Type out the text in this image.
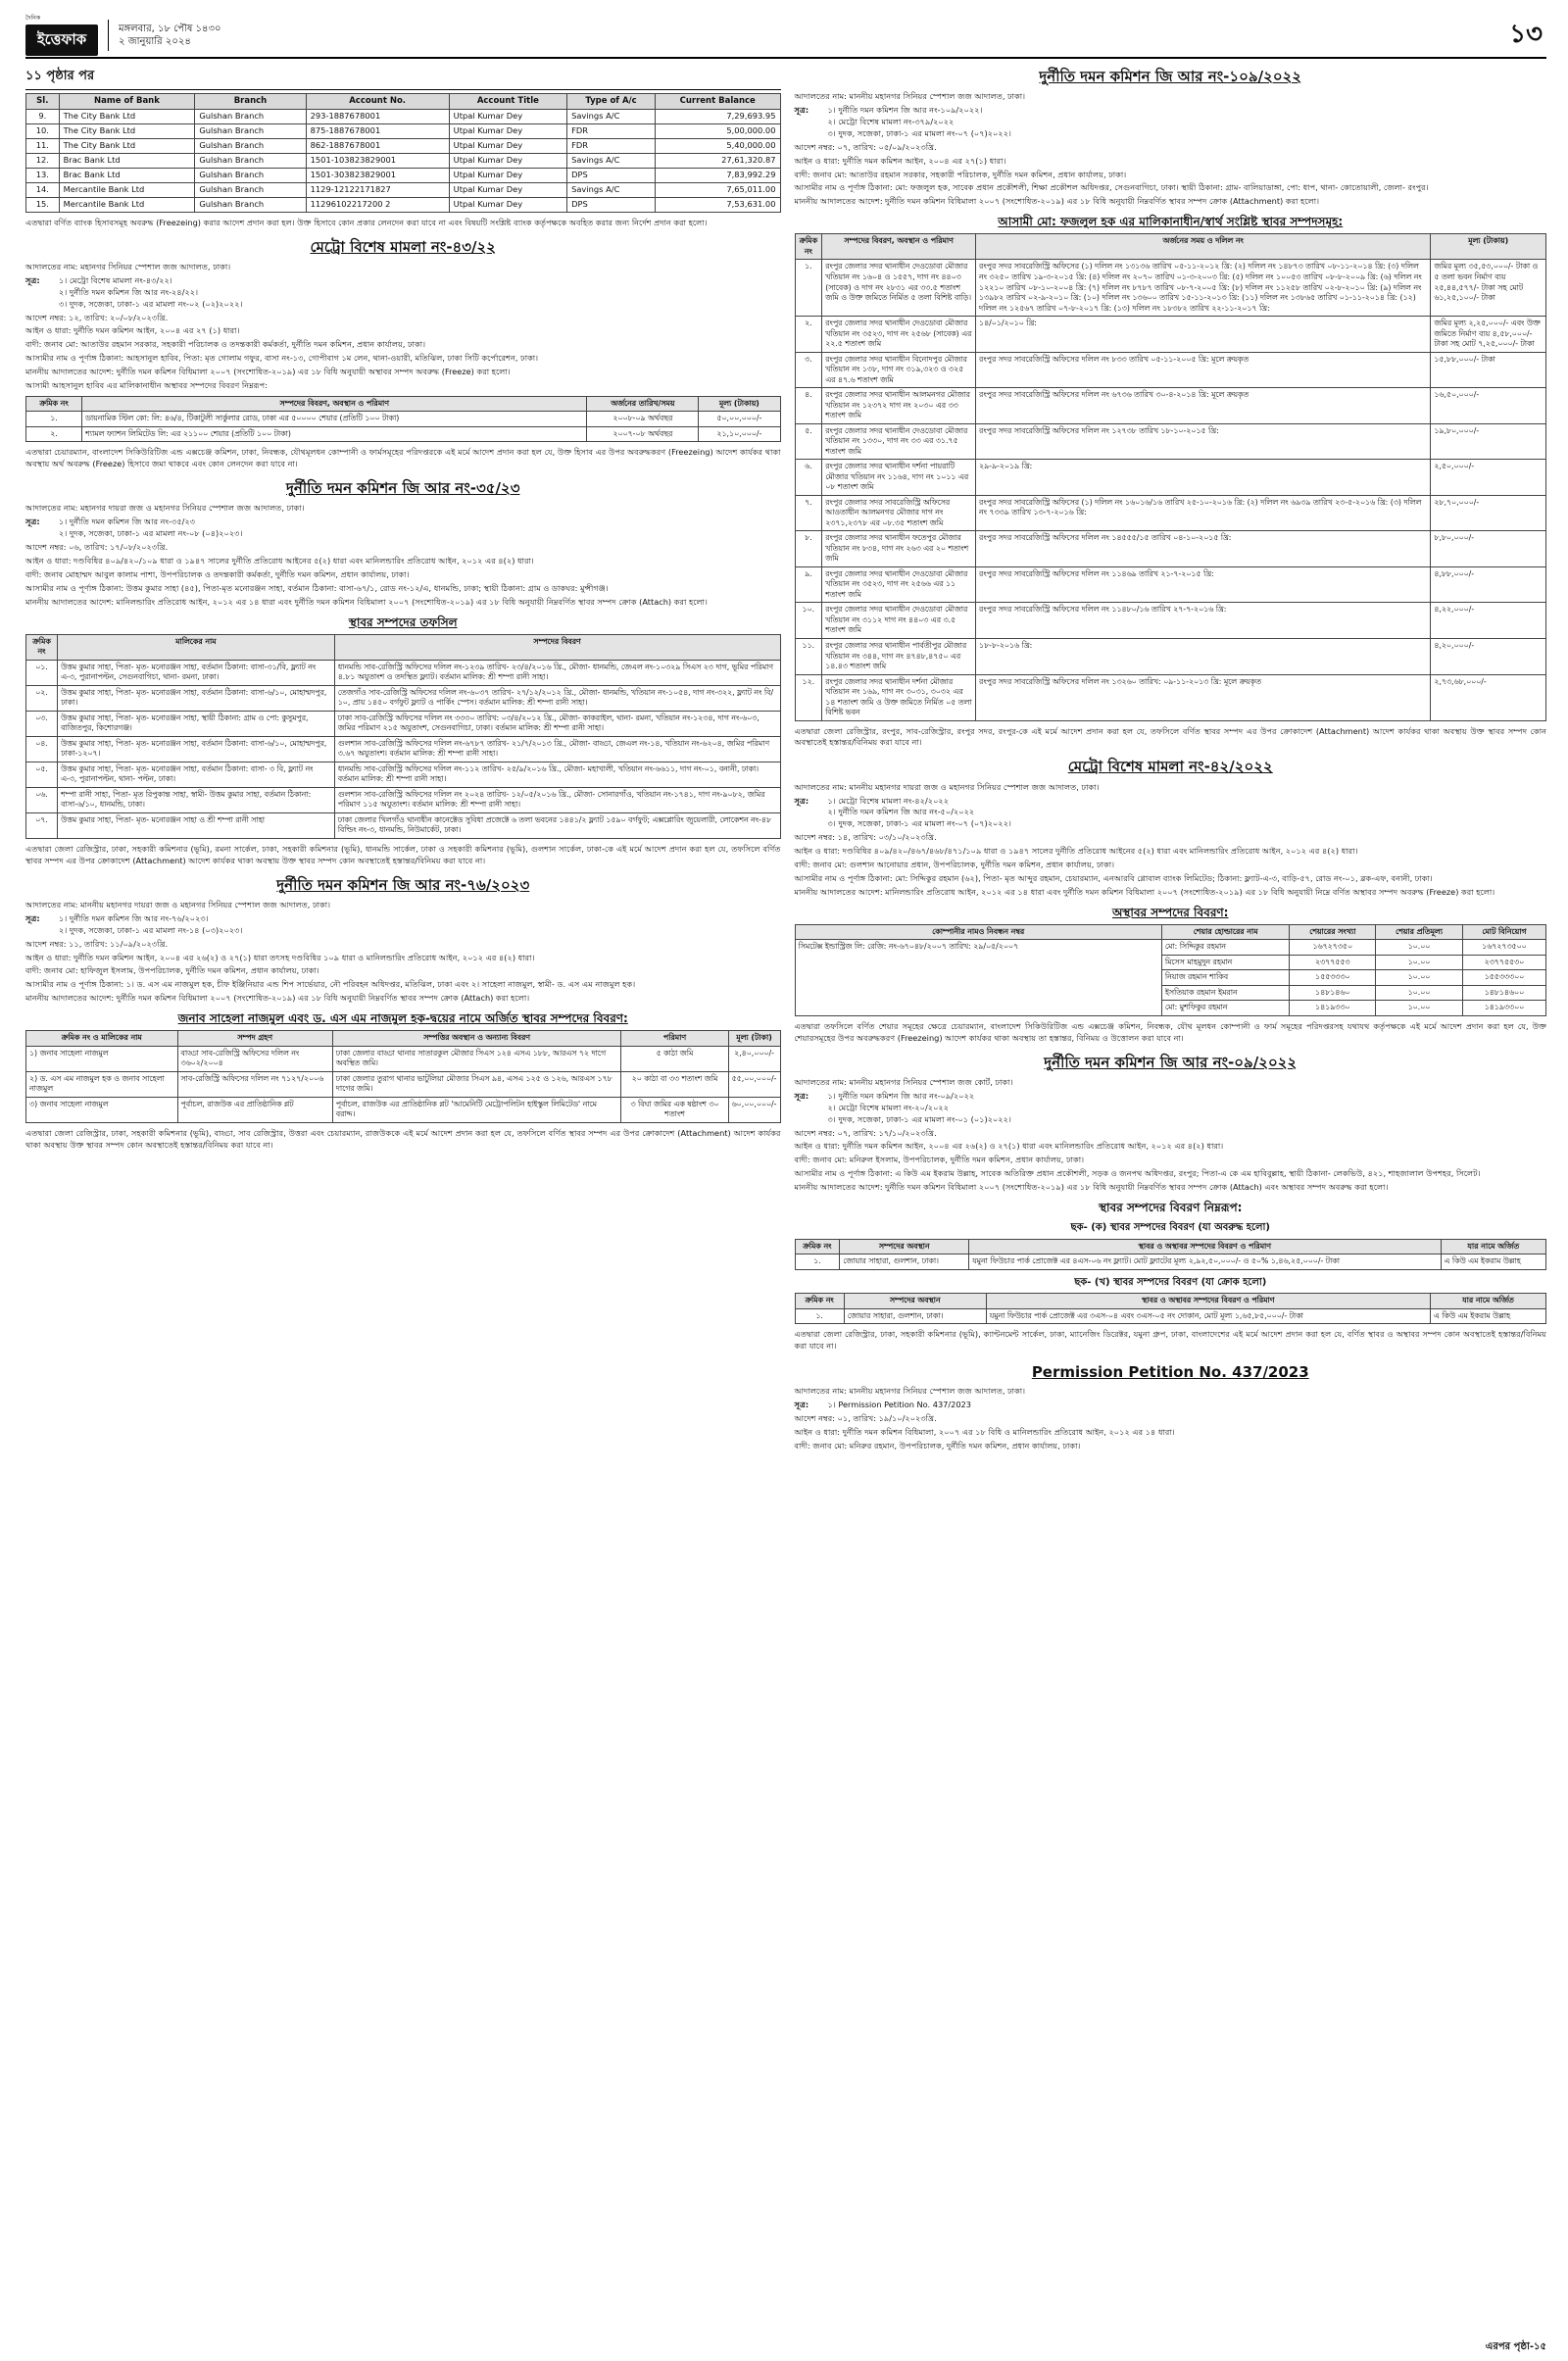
দৈনিক
ইত্তেফাক
মঙ্গলবার, ১৮ পৌষ ১৪৩০
২ জানুয়ারি ২০২৪	১৩
১১ পৃষ্ঠার পর
Sl.	Name of Bank	Branch	Account No.	Account Title	Type of A/c	Current Balance
9.	The City Bank Ltd	Gulshan Branch	293-1887678001	Utpal Kumar Dey	Savings A/C	7,29,693.95
10.	The City Bank Ltd	Gulshan Branch	875-1887678001	Utpal Kumar Dey	FDR	5,00,000.00
11.	The City Bank Ltd	Gulshan Branch	862-1887678001	Utpal Kumar Dey	FDR	5,40,000.00
12.	Brac Bank Ltd	Gulshan Branch	1501-103823829001	Utpal Kumar Dey	Savings A/C	27,61,320.87
13.	Brac Bank Ltd	Gulshan Branch	1501-303823829001	Utpal Kumar Dey	DPS	7,83,992.29
14.	Mercantile Bank Ltd	Gulshan Branch	1129-12122171827	Utpal Kumar Dey	Savings A/C	7,65,011.00
15.	Mercantile Bank Ltd	Gulshan Branch	11296102217200 2	Utpal Kumar Dey	DPS	7,53,631.00
এতদ্বারা বর্ণিত ব্যাংক হিসাবসমূহ অবরুদ্ধ (Freezeing) করার আদেশ প্রদান করা হল। উক্ত হিসাবে কোন প্রকার লেনদেন করা যাবে না এবং বিষয়টি সংশ্লিষ্ট ব্যাংক কর্তৃপক্ষকে অবহিত করার জন্য নির্দেশ প্রদান করা হলো।
মেট্রো বিশেষ মামলা নং-৪৩/২২
আদালতের নাম: মহানগর সিনিয়র স্পেশাল জজ আদালত, ঢাকা।
সূত্র:	১। মেট্রো বিশেষ মামলা নং-৪৩/২২।
২। দুর্নীতি দমন কমিশন জি আর নং-২৪/২২।
৩। দুদক, সজেকা, ঢাকা-১ এর মামলা নং-০২ (০২)২০২২।
আদেশ নম্বর: ১২, তারিখ: ২০/০৮/২০২৩খ্রি.
আইন ও ধারা: দুর্নীতি দমন কমিশন আইন, ২০০৪ এর ২৭ (১) ধারা।
বাদী: জনাব মো: আতাউর রহমান সরকার, সহকারী পরিচালক ও তদন্তকারী কর্মকর্তা, দুর্নীতি দমন কমিশন, প্রধান কার্যালয়, ঢাকা।
আসামীর নাম ও পূর্ণাঙ্গ ঠিকানা: আহসানুল হাবিব, পিতা: মৃত গোলাম গফুর, বাসা নং-১৩, গোপীবাগ ১ম লেন, থানা-ওয়ারী, মতিঝিল, ঢাকা সিটি কর্পোরেশন, ঢাকা।
মাননীয় আদালতের আদেশ: দুর্নীতি দমন কমিশন বিধিমালা ২০০৭ (সংশোধিত-২০১৯) এর ১৮ বিধি অনুযায়ী অস্থাবর সম্পদ অবরুদ্ধ (Freeze) করা হলো।
আসামী আহসানুল হাবিব এর মালিকানাধীন অস্থাবর সম্পদের বিবরণ নিম্নরূপ:
ক্রমিক নং	সম্পদের বিবরণ, অবস্থান ও পরিমাণ	অর্জনের তারিখ/সময়	মূল্য (টাকায়)
১.	ডায়নামিক স্টিল কো: লি: ৪৬/৪, টিকাটুলী সার্কুলার রোড, ঢাকা এর ৫০০০০ শেয়ার (প্রতিটি ১০০ টাকা)	২০০৮-০৯ অর্থবছর	৫০,০০,০০০/-
২.	শ্যামল ফ্যাশন লিমিটেড লি: এর ২১১০০ শেয়ার (প্রতিটি ১০০ টাকা)	২০০৭-০৮ অর্থবছর	২১,১০,০০০/-
এতদ্বারা চেয়ারম্যান, বাংলাদেশ সিকিউরিটিজ এন্ড এক্সচেঞ্জ কমিশন, ঢাকা, নিবন্ধক, যৌথমূলধন কোম্পানী ও ফার্মসমূহের পরিদপ্তরকে এই মর্মে আদেশ প্রদান করা হল যে, উক্ত হিসাব এর উপর অবরুদ্ধকরণ (Freezeing) আদেশ কার্যকর থাকা অবস্থায় অর্থ অবরুদ্ধ (Freeze) হিসাবে জমা থাকবে এবং কোন লেনদেন করা যাবে না।
দুর্নীতি দমন কমিশন জি আর নং-৩৫/২৩
আদালতের নাম: মহানগর দায়রা জজ ও মহানগর সিনিয়র স্পেশাল জজ আদালত, ঢাকা।
সূত্র:	১। দুর্নীতি দমন কমিশন জি আর নং-৩৫/২৩
২। দুদক, সজেকা, ঢাকা-১ এর মামলা নং-০৮ (০৪)২০২৩।
আদেশ নম্বর: ০৬, তারিখ: ১৭/০৮/২০২৩খ্রি.
আইন ও ধারা: দণ্ডবিধির ৪০৯/৪২০/১০৯ ধারা ও ১৯৪৭ সালের দুর্নীতি প্রতিরোধ আইনের ৫(২) ধারা এবং মানিলন্ডারিং প্রতিরোধ আইন, ২০১২ এর ৪(২) ধারা।
বাদী: জনাব মোহাম্মদ আবুল কালাম পাশা, উপপরিচালক ও তদন্তকারী কর্মকর্তা, দুর্নীতি দমন কমিশন, প্রধান কার্যালয়, ঢাকা।
আসামীর নাম ও পূর্ণাঙ্গ ঠিকানা: উত্তম কুমার সাহা (৪৫), পিতা-মৃত মনোরঞ্জন সাহা, বর্তমান ঠিকানা: বাসা-৬৭/১, রোড নং-১২/এ, ধানমন্ডি, ঢাকা; স্থায়ী ঠিকানা: গ্রাম ও ডাকঘর: মুন্সীগঞ্জ।
মাননীয় আদালতের আদেশ: মানিলন্ডারিং প্রতিরোধ আইন, ২০১২ এর ১৪ ধারা এবং দুর্নীতি দমন কমিশন বিধিমালা ২০০৭ (সংশোধিত-২০১৯) এর ১৮ বিধি অনুযায়ী নিম্নবর্ণিত স্থাবর সম্পদ ক্রোক (Attach) করা হলো।
স্থাবর সম্পদের তফসিল
ক্রমিক নং	মালিকের নাম	সম্পদের বিবরণ
০১.	উত্তম কুমার সাহা, পিতা- মৃত- মনোরঞ্জন সাহা, বর্তমান ঠিকানা: বাসা-৩১/বি, ফ্ল্যাট নং এ-৩, পুরানাপল্টন, সেগুনবাগিচা, থানা- রমনা, ঢাকা।	ধানমন্ডি সাব-রেজিস্ট্রি অফিসের দলিল নং-১২৩৯ তারিখ- ২৩/৪/২০১৬ খ্রি., মৌজা- ধানমন্ডি, জেএল নং-১০৩২৯ সিএস ২৩ দাগ, ভূমির পরিমাণ ৪.৮১ অযুতাংশ ও তদস্থিত ফ্ল্যাট। বর্তমান মালিক: শ্রী শম্পা রানী সাহা।
০২.	উত্তম কুমার সাহা, পিতা- মৃত- মনোরঞ্জন সাহা, বর্তমান ঠিকানা: বাসা-৬/১০, মোহাম্মদপুর, ঢাকা।	তেজগাঁও সাব-রেজিস্ট্রি অফিসের দলিল নং-৬০৩৭ তারিখ- ২৭/১২/২০১২ খ্রি., মৌজা- ধানমন্ডি, খতিয়ান নং-১০৫৪, দাগ নং-৩২২, ফ্ল্যাট নং বি/১০, প্রায় ১৪৫০ বর্গফুট ফ্ল্যাট ও পার্কিং স্পেস। বর্তমান মালিক: শ্রী শম্পা রানী সাহা।
০৩.	উত্তম কুমার সাহা, পিতা- মৃত- মনোরঞ্জন সাহা, স্থায়ী ঠিকানা: গ্রাম ও পো: কুসুমপুর, বাজিতপুর, কিশোরগঞ্জ।	ঢাকা সাব-রেজিস্ট্রি অফিসের দলিল নং ৩৩৩০ তারিখ: ০৩/৪/২০১২ খ্রি., মৌজা- কাকরাইল, থানা- রমনা, খতিয়ান নং-১২৩৪, দাগ নং-৬০৩, জমির পরিমাণ ২১৫ অযুতাংশ, সেগুনবাগিচা, ঢাকা। বর্তমান মালিক: শ্রী শম্পা রানী সাহা।
০৪.	উত্তম কুমার সাহা, পিতা- মৃত- মনোরঞ্জন সাহা, বর্তমান ঠিকানা: বাসা-৬/১০, মোহাম্মদপুর, ঢাকা-১২০৭।	গুলশান সাব-রেজিস্ট্রি অফিসের দলিল নং-৬৭৮৭ তারিখ- ২১/৭/২০১৩ খ্রি., মৌজা- বাড্ডা, জেএল নং-১৪, খতিয়ান নং-৬২০৪, জমির পরিমাণ ৩.৬৭ অযুতাংশ। বর্তমান মালিক: শ্রী শম্পা রানী সাহা।
০৫.	উত্তম কুমার সাহা, পিতা- মৃত- মনোরঞ্জন সাহা, বর্তমান ঠিকানা: বাসা- ৩ বি, ফ্ল্যাট নং এ-৩, পুরানাপল্টন, থানা- পল্টন, ঢাকা।	ধানমন্ডি সাব-রেজিস্ট্রি অফিসের দলিল নং-১১২ তারিখ- ২৫/৯/২০১৬ খ্রি., মৌজা- মহাখালী, খতিয়ান নং-৬৬১১, দাগ নং-০১, বনানী, ঢাকা। বর্তমান মালিক: শ্রী শম্পা রানী সাহা।
০৬.	শম্পা রানী সাহা, পিতা- মৃত রিপুকান্ত সাহা, স্বামী- উত্তম কুমার সাহা, বর্তমান ঠিকানা: বাসা-৬/১০, ধানমন্ডি, ঢাকা।	গুলশান সাব-রেজিস্ট্রি অফিসের দলিল নং ২০২৪ তারিখ- ১২/০৫/২০১৬ খ্রি., মৌজা- সোনারগাঁও, খতিয়ান নং-১৭৪১, দাগ নং-৯০৮২, জমির পরিমাণ ১১৫ অযুতাংশ। বর্তমান মালিক: শ্রী শম্পা রানী সাহা।
০৭.	উত্তম কুমার সাহা, পিতা- মৃত- মনোরঞ্জন সাহা ও শ্রী শম্পা রানী সাহা	ঢাকা জেলার খিলগাঁও থানাধীন কানেক্টেড সুবিধা প্রজেক্টে ৬ তলা ভবনের ১৪৪১/২ ফ্ল্যাট ১৫৯০ বর্গফুট; এক্সপ্লোরিং জুয়েলারী, লোকেশন নং-৪৮ বিল্ডিং নং-৩, ধানমন্ডি, নিউমার্কেট, ঢাকা।
এতদ্বারা জেলা রেজিস্ট্রার, ঢাকা, সহকারী কমিশনার (ভূমি), রমনা সার্কেল, ঢাকা, সহকারী কমিশনার (ভূমি), ধানমন্ডি সার্কেল, ঢাকা ও সহকারী কমিশনার (ভূমি), গুলশান সার্কেল, ঢাকা-কে এই মর্মে আদেশ প্রদান করা হল যে, তফসিলে বর্ণিত স্থাবর সম্পদ এর উপর ক্রোকাদেশ (Attachment) আদেশ কার্যকর থাকা অবস্থায় উক্ত স্থাবর সম্পদ কোন অবস্থাতেই হস্তান্তর/বিনিময় করা যাবে না।
দুর্নীতি দমন কমিশন জি আর নং-৭৬/২০২৩
আদালতের নাম: মাননীয় মহানগর দায়রা জজ ও মহানগর সিনিয়র স্পেশাল জজ আদালত, ঢাকা।
সূত্র:	১। দুর্নীতি দমন কমিশন জি আর নং-৭৬/২০২৩।
২। দুদক, সজেকা, ঢাকা-১ এর মামলা নং-১৪ (০৩)২০২৩।
আদেশ নম্বর: ১১, তারিখ: ১১/০৯/২০২৩খ্রি.
আইন ও ধারা: দুর্নীতি দমন কমিশন আইন, ২০০৪ এর ২৬(২) ও ২৭(১) ধারা তৎসহ দণ্ডবিধির ১০৯ ধারা ও মানিলন্ডারিং প্রতিরোধ আইন, ২০১২ এর ৪(২) ধারা।
বাদী: জনাব মো: হাফিজুল ইসলাম, উপপরিচালক, দুর্নীতি দমন কমিশন, প্রধান কার্যালয়, ঢাকা।
আসামীর নাম ও পূর্ণাঙ্গ ঠিকানা: ১। ড. এস এম নাজমুল হক, চীফ ইঞ্জিনিয়ার এন্ড শিপ সার্ভেয়ার, নৌ পরিবহন অধিদপ্তর, মতিঝিল, ঢাকা এবং ২। সাহেলা নাজমুল, স্বামী- ড. এস এম নাজমুল হক।
মাননীয় আদালতের আদেশ: দুর্নীতি দমন কমিশন বিধিমালা ২০০৭ (সংশোধিত-২০১৯) এর ১৮ বিধি অনুযায়ী নিম্নবর্ণিত স্থাবর সম্পদ ক্রোক (Attach) করা হলো।
জনাব সাহেলা নাজমুল এবং ড. এস এম নাজমুল হক-দ্বয়ের নামে অর্জিত স্থাবর সম্পদের বিবরণ:
ক্রমিক নং ও মালিকের নাম	সম্পদ গ্রহণ	সম্পত্তির অবস্থান ও অন্যান্য বিবরণ	পরিমাণ	মূল্য (টাকা)
১) জনাব সাহেলা নাজমুল	বাড্ডা সাব-রেজিস্ট্রি অফিসের দলিল নং ৩৬০২/২০০৪	ঢাকা জেলার বাড্ডা থানার সাতারকুল মৌজার সিএস ১২৪ এসএ ১৮৮, আরএস ৭২ দাগে অবস্থিত জমি।	৫ কাঠা জমি	২,৪০,০০০/-
২) ড. এস এম নাজমুল হক ও জনাব সাহেলা নাজমুল	সাব-রেজিস্ট্রি অফিসের দলিল নং ৭১২৭/২০০৬	ঢাকা জেলার তুরাগ থানার ভাটুলিয়া মৌজার সিএস ৯৪, এসএ ১২৫ ও ১২৬, আরএস ১৭৮ দাগের জমি।	২০ কাঠা বা ৩৩ শতাংশ জমি	৫৫,০০,০০০/-
৩) জনাব সাহেলা নাজমুল	পূর্বাচল, রাজউক এর প্রাতিষ্ঠানিক প্লট	পূর্বাচল, রাজউক এর প্রাতিষ্ঠানিক প্লট 'আমেনিটি মেট্রোপলিটন হাইস্কুল লিমিটেড' নামে বরাদ্দ।	৩ বিঘা জমির এক ষষ্ঠাংশ ৩০ শতাংশ	৬০,০০,০০০/-
এতদ্বারা জেলা রেজিস্ট্রার, ঢাকা, সহকারী কমিশনার (ভূমি), বাড্ডা, সাব রেজিস্ট্রার, উত্তরা এবং চেয়ারম্যান, রাজউককে এই মর্মে আদেশ প্রদান করা হল যে, তফসিলে বর্ণিত স্থাবর সম্পদ এর উপর ক্রোকাদেশ (Attachment) আদেশ কার্যকর থাকা অবস্থায় উক্ত স্থাবর সম্পদ কোন অবস্থাতেই হস্তান্তর/বিনিময় করা যাবে না।
দুর্নীতি দমন কমিশন জি আর নং-১০৯/২০২২
আদালতের নাম: মাননীয় মহানগর সিনিয়র স্পেশাল জজ আদালত, ঢাকা।
সূত্র:	১। দুর্নীতি দমন কমিশন জি আর নং-১০৯/২০২২।
২। মেট্রো বিশেষ মামলা নং-৩৭৯/২০২২
৩। দুদক, সজেকা, ঢাকা-১ এর মামলা নং-০৭ (০৭)২০২২।
আদেশ নম্বর: ০৭, তারিখ: ০৫/০৯/২০২৩খ্রি.
আইন ও ধারা: দুর্নীতি দমন কমিশন আইন, ২০০৪ এর ২৭(১) ধারা।
বাদী: জনাব মো: আতাউর রহমান সরকার, সহকারী পরিচালক, দুর্নীতি দমন কমিশন, প্রধান কার্যালয়, ঢাকা।
আসামীর নাম ও পূর্ণাঙ্গ ঠিকানা: মো: ফজলুল হক, সাবেক প্রধান প্রকৌশলী, শিক্ষা প্রকৌশল অধিদপ্তর, সেগুনবাগিচা, ঢাকা। স্থায়ী ঠিকানা: গ্রাম- বালিয়াডাঙ্গা, পো: ধাপ, থানা- কোতোয়ালী, জেলা- রংপুর।
মাননীয় আদালতের আদেশ: দুর্নীতি দমন কমিশন বিধিমালা ২০০৭ (সংশোধিত-২০১৯) এর ১৮ বিধি অনুযায়ী নিম্নবর্ণিত স্থাবর সম্পদ ক্রোক (Attachment) করা হলো।
আসামী মো: ফজলুল হক এর মালিকানাধীন/স্বার্থ সংশ্লিষ্ট স্থাবর সম্পদসমূহ:
ক্রমিক নং	সম্পদের বিবরণ, অবস্থান ও পরিমাণ	অর্জনের সময় ও দলিল নং	মূল্য (টাকায়)
১.	রংপুর জেলার সদর থানাধীন দেওডোবা মৌজার খতিয়ান নং ১৬০৪ ও ১৫৫৭, দাগ নং ৪৪০৩ (সাবেক) ও দাগ নং ২৮৩১ এর ৩৩.৫ শতাংশ জমি ও উক্ত জমিতে নির্মিত ৫ তলা বিশিষ্ট বাড়ি।	রংপুর সদর সাবরেজিস্ট্রি অফিসের (১) দলিল নং ১৩১৩৬ তারিখ ০৫-১১-২০১২ খ্রি: (২) দলিল নং ১৪৮৭৩ তারিখ ০৮-১১-২০১৪ খ্রি: (৩) দলিল নং ৩২৫০ তারিখ ১৯-৩-২০১৫ খ্রি: (৪) দলিল নং ২০৭০ তারিখ ০১-৩-২০০৩ খ্রি: (৫) দলিল নং ১০০৫৩ তারিখ ০৮-৮-২০০৯ খ্রি: (৬) দলিল নং ১২২১০ তারিখ ০৮-১০-২০০৪ খ্রি: (৭) দলিল নং ৮৭৮৭ তারিখ ০৮-৭-২০০৫ খ্রি: (৮) দলিল নং ১১২৫৮ তারিখ ০২-৮-২০১০ খ্রি: (৯) দলিল নং ১৩৯৮২ তারিখ ০২-৯-২০১০ খ্রি: (১০) দলিল নং ১৩৬০০ তারিখ ১৫-১১-২০১৩ খ্রি: (১১) দলিল নং ১৩৮৬৫ তারিখ ০১-১১-২০১৪ খ্রি: (১২) দলিল নং ১২৫৬৭ তারিখ ০৭-৮-২০১৭ খ্রি: (১৩) দলিল নং ১৮৩৮২ তারিখ ২২-১১-২০১৭ খ্রি:	জমির মূল্য ৩৫,৫৩,০০০/- টাকা ও ৫ তলা ভবন নির্মাণ ব্যয় ২৫,৪৪,৫৭৭/- টাকা সহ মোট ৬১,২৫,১০০/- টাকা
২.	রংপুর জেলার সদর থানাধীন দেওডোবা মৌজার খতিয়ান নং ৩৫২৩, দাগ নং ২৫৬৮ (সাবেক) এর ২২.৫ শতাংশ জমি	১৪/০১/২০১০ খ্রি:	জমির মূল্য ২,২৫,০০০/- এবং উক্ত জমিতে নির্মাণ ব্যয় ৪,৫৮,০০০/- টাকা সহ মোট ৭,২৫,০০০/- টাকা
৩.	রংপুর জেলার সদর থানাধীন বিনোদপুর মৌজার খতিয়ান নং ১৩৮, দাগ নং ৩১৯,৩২৩ ও ৩২৫ এর ৪৭.৬ শতাংশ জমি	রংপুর সদর সাবরেজিস্ট্রি অফিসের দলিল নং ৮৩৩ তারিখ ০৫-১১-২০০৫ খ্রি: মূলে ক্রয়কৃত	১৫,৮৮,০০০/- টাকা
৪.	রংপুর জেলার সদর থানাধীন আলমনগর মৌজার খতিয়ান নং ১২৩৭২ দাগ নং ২০৩০ এর ৩৩ শতাংশ জমি	রংপুর সদর সাবরেজিস্ট্রি অফিসের দলিল নং ৬৭৩৬ তারিখ ৩০-৪-২০১৪ খ্রি: মূলে ক্রয়কৃত	১৬,৫০,০০০/-
৫.	রংপুর জেলার সদর থানাধীন দেওডোবা মৌজার খতিয়ান নং ১৩৩০, দাগ নং ৩৩ এর ৩১.৭৫ শতাংশ জমি	রংপুর সদর সাবরেজিস্ট্রি অফিসের দলিল নং ১২৭৩৮ তারিখ ১৮-১০-২০১৫ খ্রি:	১৯,৮০,০০০/-
৬.	রংপুর জেলার সদর থানাধীন দর্শনা পায়রাটি মৌজার খতিয়ান নং ১১৬৪, দাগ নং ১০১১ এর ০৮ শতাংশ জমি	২৯-৯-২০১৯ খ্রি:	২,৫০,০০০/-
৭.	রংপুর জেলার সদর সাবরেজিস্ট্রি অফিসের আওতাধীন আলমনগর মৌজার দাগ নং ২৩৭১,২৩৭৮ এর ০৮.৩৫ শতাংশ জমি	রংপুর সদর সাবরেজিস্ট্রি অফিসের (১) দলিল নং ১৬০১৬/১৬ তারিখ ২৫-১০-২০১৬ খ্রি: (২) দলিল নং ৬৯৩৯ তারিখ ২৩-৫-২০১৬ খ্রি: (৩) দলিল নং ৭৩৩৯ তারিখ ১৩-৭-২০১৬ খ্রি:	২৮,৭০,০০০/-
৮.	রংপুর জেলার সদর থানাধীন ফতেপুর মৌজার খতিয়ান নং ৮৩৪, দাগ নং ২৬৩ এর ২০ শতাংশ জমি	রংপুর সদর সাবরেজিস্ট্রি অফিসের দলিল নং ১৪৫৫৫/১৫ তারিখ ০৪-১০-২০১৫ খ্রি:	৮,৮০,০০০/-
৯.	রংপুর জেলার সদর থানাধীন দেওডোবা মৌজার খতিয়ান নং ৩৫২৩, দাগ নং ২৫৬৬ এর ১১ শতাংশ জমি	রংপুর সদর সাবরেজিস্ট্রি অফিসের দলিল নং ১১৪৬৯ তারিখ ২১-৭-২০১৫ খ্রি:	৪,৮৮,০০০/-
১০.	রংপুর জেলার সদর থানাধীন দেওডোবা মৌজার খতিয়ান নং ৩১১২ দাগ নং ৪৪০৩ এর ৩.৫ শতাংশ জমি	রংপুর সদর সাবরেজিস্ট্রি অফিসের দলিল নং ১১৪৮০/১৬ তারিখ ২৭-৭-২০১৬ খ্রি:	৪,২২,০০০/-
১১.	রংপুর জেলার সদর থানাধীন পার্বতীপুর মৌজার খতিয়ান নং ৩৪৪, দাগ নং ৪৭৪৮,৪৭৫০ এর ১৪.৪৩ শতাংশ জমি	১৮-৮-২০১৬ খ্রি:	৪,২০,০০০/-
১২.	রংপুর জেলার সদর থানাধীন দর্শনা মৌজার খতিয়ান নং ১৬৯, দাগ নং ৩০৩১, ৩০৩২ এর ১৪ শতাংশ জমি ও উক্ত জমিতে নির্মিত ০৫ তলা বিশিষ্ট ভবন	রংপুর সদর সাবরেজিস্ট্রি অফিসের দলিল নং ১৩২৬০ তারিখ: ০৯-১১-২০১৩ খ্রি: মূলে ক্রয়কৃত	২,৭৩,৬৮,০০০/-
এতদ্বারা জেলা রেজিস্ট্রার, রংপুর, সাব-রেজিস্ট্রার, রংপুর সদর, রংপুর-কে এই মর্মে আদেশ প্রদান করা হল যে, তফসিলে বর্ণিত স্থাবর সম্পদ এর উপর ক্রোকাদেশ (Attachment) আদেশ কার্যকর থাকা অবস্থায় উক্ত স্থাবর সম্পদ কোন অবস্থাতেই হস্তান্তর/বিনিময় করা যাবে না।
মেট্রো বিশেষ মামলা নং-৪২/২০২২
আদালতের নাম: মাননীয় মহানগর দায়রা জজ ও মহানগর সিনিয়র স্পেশাল জজ আদালত, ঢাকা।
সূত্র:	১। মেট্রো বিশেষ মামলা নং-৪২/২০২২
২। দুর্নীতি দমন কমিশন জি আর নং-৫০/২০২২
৩। দুদক, সজেকা, ঢাকা-১ এর মামলা নং-০৭ (০৭)২০২২।
আদেশ নম্বর: ১৪, তারিখ: ০৩/১০/২০২৩খ্রি.
আইন ও ধারা: দণ্ডবিধির ৪০৯/৪২০/৪৬৭/৪৬৮/৪৭১/১০৯ ধারা ও ১৯৪৭ সালের দুর্নীতি প্রতিরোধ আইনের ৫(২) ধারা এবং মানিলন্ডারিং প্রতিরোধ আইন, ২০১২ এর ৪(২) ধারা।
বাদী: জনাব মো: গুলশান আনোয়ার প্রধান, উপপরিচালক, দুর্নীতি দমন কমিশন, প্রধান কার্যালয়, ঢাকা।
আসামীর নাম ও পূর্ণাঙ্গ ঠিকানা: মো: সিদ্দিকুর রহমান (৬২), পিতা- মৃত আব্দুর রহমান, চেয়ারম্যান, এনআরবি গ্লোবাল ব্যাংক লিমিটেড; ঠিকানা: ফ্ল্যাট-এ-৩, বাড়ি-৫৭, রোড নং-০১, ব্লক-এফ, বনানী, ঢাকা।
মাননীয় আদালতের আদেশ: মানিলন্ডারিং প্রতিরোধ আইন, ২০১২ এর ১৪ ধারা এবং দুর্নীতি দমন কমিশন বিধিমালা ২০০৭ (সংশোধিত-২০১৯) এর ১৮ বিধি অনুযায়ী নিম্নে বর্ণিত অস্থাবর সম্পদ অবরুদ্ধ (Freeze) করা হলো।
অস্থাবর সম্পদের বিবরণ:
কোম্পানীর নামও নিবন্ধন নম্বর	শেয়ার হোল্ডারের নাম	শেয়ারের সংখ্যা	শেয়ার প্রতিমূল্য	মোট বিনিয়োগ
সিমটেক্স ইন্ডাস্ট্রিজ লি: রেজি: নং-৬৭০৪৮/২০০৭ তারিখ: ২৯/০৫/২০০৭	মো: সিদ্দিকুর রহমান	১৬৭২৭৩৫০	১০.০০	১৬৭২৭৩৫০০
	মিসেস মাহমুদুন রহমান	২৩৭৭৫৫৩	১০.০০	২৩৭৭৫৫৩০
	নিয়াজ রহমান শাকিব	১৫৫৩৩৩০	১০.০০	১৫৫৩৩৩০০
	ইসতিয়াক রহমান ইমরান	১৪৮১৪৬০	১০.০০	১৪৮১৪৬০০
	মো: মুশফিকুর রহমান	১৪১৯৩৩০	১০.০০	১৪১৯৩৩০০
এতদ্বারা তফসিলে বর্ণিত শেয়ার সমূহের ক্ষেত্রে চেয়ারম্যান, বাংলাদেশ সিকিউরিটিজ এন্ড এক্সচেঞ্জ কমিশন, নিবন্ধক, যৌথ মূলধন কোম্পানী ও ফার্ম সমূহের পরিদপ্তরসহ যথাযথ কর্তৃপক্ষকে এই মর্মে আদেশ প্রদান করা হল যে, উক্ত শেয়ারসমূহের উপর অবরুদ্ধকরণ (Freezeing) আদেশ কার্যকর থাকা অবস্থায় তা হস্তান্তর, বিনিময় ও উত্তোলন করা যাবে না।
দুর্নীতি দমন কমিশন জি আর নং-০৯/২০২২
আদালতের নাম: মাননীয় মহানগর সিনিয়র স্পেশাল জজ কোর্ট, ঢাকা।
সূত্র:	১। দুর্নীতি দমন কমিশন জি আর নং-০৯/২০২২
২। মেট্রো বিশেষ মামলা নং-২০/২০২২
৩। দুদক, সজেকা, ঢাকা-১ এর মামলা নং-০১ (০১)২০২২।
আদেশ নম্বর: ০৭, তারিখ: ১৭/১০/২০২৩খ্রি.
আইন ও ধারা: দুর্নীতি দমন কমিশন আইন, ২০০৪ এর ২৬(২) ও ২৭(১) ধারা এবং মানিলন্ডারিং প্রতিরোধ আইন, ২০১২ এর ৪(২) ধারা।
বাদী: জনাব মো: মনিরুল ইসলাম, উপপরিচালক, দুর্নীতি দমন কমিশন, প্রধান কার্যালয়, ঢাকা।
আসামীর নাম ও পূর্ণাঙ্গ ঠিকানা: এ কিউ এম ইকরাম উল্লাহ, সাবেক অতিরিক্ত প্রধান প্রকৌশলী, সড়ক ও জনপথ অধিদপ্তর, রংপুর; পিতা-এ কে এম হাবিবুল্লাহ, স্থায়ী ঠিকানা- লেকভিউ, ৪২১, শাহজালাল উপশহর, সিলেট।
মাননীয় আদালতের আদেশ: দুর্নীতি দমন কমিশন বিধিমালা ২০০৭ (সংশোধিত-২০১৯) এর ১৮ বিধি অনুযায়ী নিম্নবর্ণিত স্থাবর সম্পদ ক্রোক (Attach) এবং অস্থাবর সম্পদ অবরুদ্ধ করা হলো।
স্থাবর সম্পদের বিবরণ নিম্নরূপ:
ছক- (ক) স্থাবর সম্পদের বিবরণ (যা অবরুদ্ধ হলো)
ক্রমিক নং	সম্পদের অবস্থান	স্থাবর ও অস্থাবর সম্পদের বিবরণ ও পরিমাণ	যার নামে অর্জিত
১.	জোয়ার সাহারা, গুলশান, ঢাকা।	যমুনা ফিউচার পার্ক প্রোজেক্ট এর ৪এস-০৬ নং ফ্ল্যাট। মোট ফ্ল্যাটের মূল্য ২,৯২,৫০,০০০/- ও ৫০% ১,৪৬,২৫,০০০/- টাকা	এ কিউ এম ইকরাম উল্লাহ
ছক- (খ) স্থাবর সম্পদের বিবরণ (যা ক্রোক হলো)
ক্রমিক নং	সম্পদের অবস্থান	স্থাবর ও অস্থাবর সম্পদের বিবরণ ও পরিমাণ	যার নামে অর্জিত
১.	জোয়ার সাহারা, গুলশান, ঢাকা।	যমুনা ফিউচার পার্ক প্রোজেক্ট এর ৩এস-০৪ এবং ৩এস-০৫ নং দোকান, মোট মূল্য ১,৬৫,৮৫,০০০/- টাকা	এ কিউ এম ইকরাম উল্লাহ
এতদ্বারা জেলা রেজিস্ট্রার, ঢাকা, সহকারী কমিশনার (ভূমি), ক্যান্টনমেন্ট সার্কেল, ঢাকা, ম্যানেজিং ডিরেক্টর, যমুনা গ্রুপ, ঢাকা, বাংলাদেশের এই মর্মে আদেশ প্রদান করা হল যে, বর্ণিত স্থাবর ও অস্থাবর সম্পদ কোন অবস্থাতেই হস্তান্তর/বিনিময় করা যাবে না।
Permission Petition No. 437/2023
আদালতের নাম: মাননীয় মহানগর সিনিয়র স্পেশাল জজ আদালত, ঢাকা।
সূত্র:	১। Permission Petition No. 437/2023
আদেশ নম্বর: ০১, তারিখ: ১৯/১০/২০২৩খ্রি.
আইন ও ধারা: দুর্নীতি দমন কমিশন বিধিমালা, ২০০৭ এর ১৮ বিধি ও মানিলন্ডারিং প্রতিরোধ আইন, ২০১২ এর ১৪ ধারা।
বাদী: জনাব মো: মনিরুর রহমান, উপপরিচালক, দুর্নীতি দমন কমিশন, প্রধান কার্যালয়, ঢাকা।
এরপর পৃষ্ঠা-১৫
